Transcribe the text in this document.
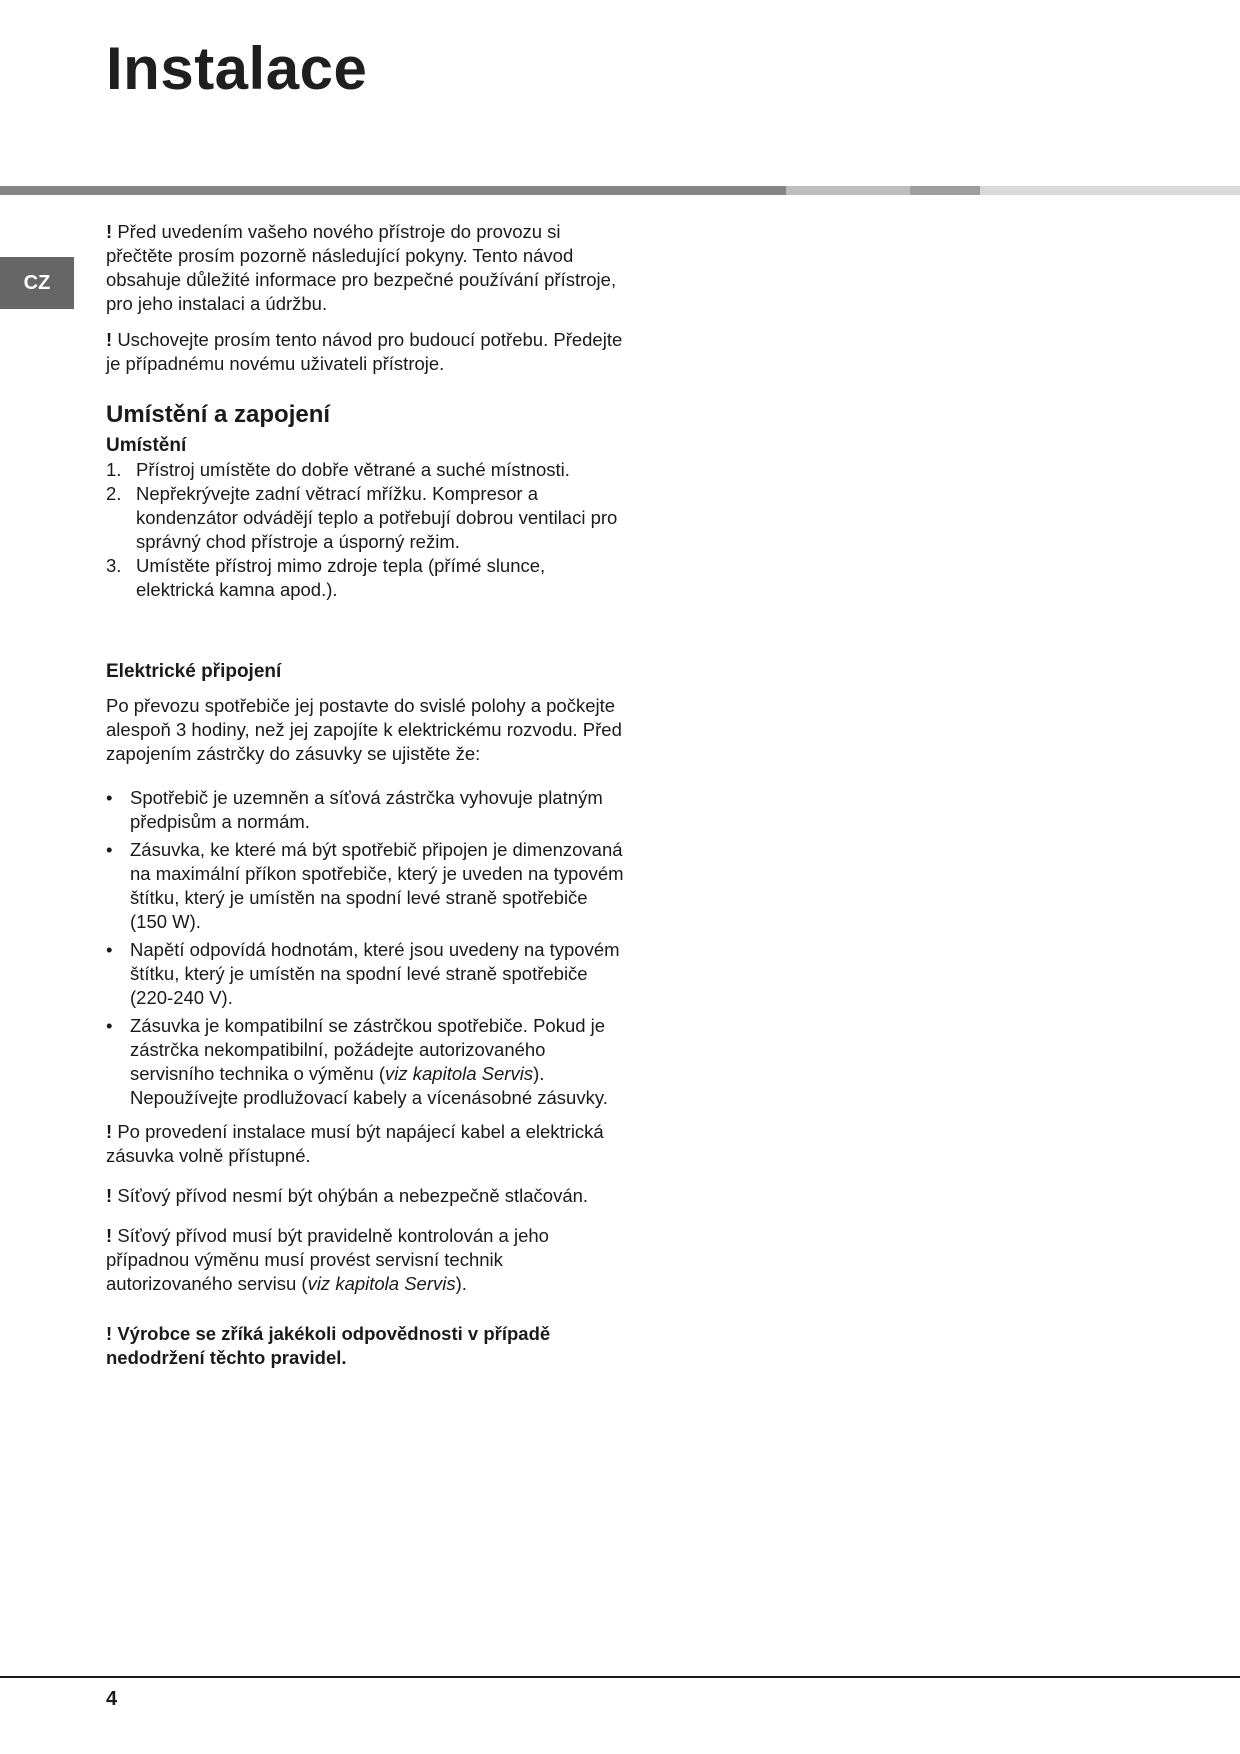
Instalace
CZ

! Před uvedením vašeho nového přístroje do provozu si přečtěte prosím pozorně následující pokyny. Tento návod obsahuje důležité informace pro bezpečné používání přístroje, pro jeho instalaci a údržbu.

! Uschovejte prosím tento návod pro budoucí potřebu. Předejte je případnému novému uživateli přístroje.

Umístění a zapojení
Umístění
1. Přístroj umístěte do dobře větrané a suché místnosti.
2. Nepřekrývejte zadní větrací mřížku. Kompresor a kondenzátor odvádějí teplo a potřebují dobrou ventilaci pro správný chod přístroje a úsporný režim.
3. Umístěte přístroj mimo zdroje tepla (přímé slunce, elektrická kamna apod.).
Elektrické připojení

Po převozu spotřebiče jej postavte do svislé polohy a počkejte alespoň 3 hodiny, než jej zapojíte k elektrickému rozvodu. Před zapojením zástrčky do zásuvky se ujistěte že:

• Spotřebič je uzemněn a síťová zástrčka vyhovuje platným předpisům a normám.
• Zásuvka, ke které má být spotřebič připojen je dimenzovaná na maximální příkon spotřebiče, který je uveden na typovém štítku, který je umístěn na spodní levé straně spotřebiče (150 W).
• Napětí odpovídá hodnotám, které jsou uvedeny na typovém štítku, který je umístěn na spodní levé straně spotřebiče (220-240 V).
• Zásuvka je kompatibilní se zástrčkou spotřebiče. Pokud je zástrčka nekompatibilní, požádejte autorizovaného servisního technika o výměnu (viz kapitola Servis). Nepoužívejte prodlužovací kabely a vícenásobné zásuvky.

! Po provedení instalace musí být napájecí kabel a elektrická zásuvka volně přístupné.

! Síťový přívod nesmí být ohýbán a nebezpečně stlačován.

! Síťový přívod musí být pravidelně kontrolován a jeho případnou výměnu musí provést servisní technik autorizovaného servisu (viz kapitola Servis).

! Výrobce se zříká jakékoli odpovědnosti v případě nedodržení těchto pravidel.

4
